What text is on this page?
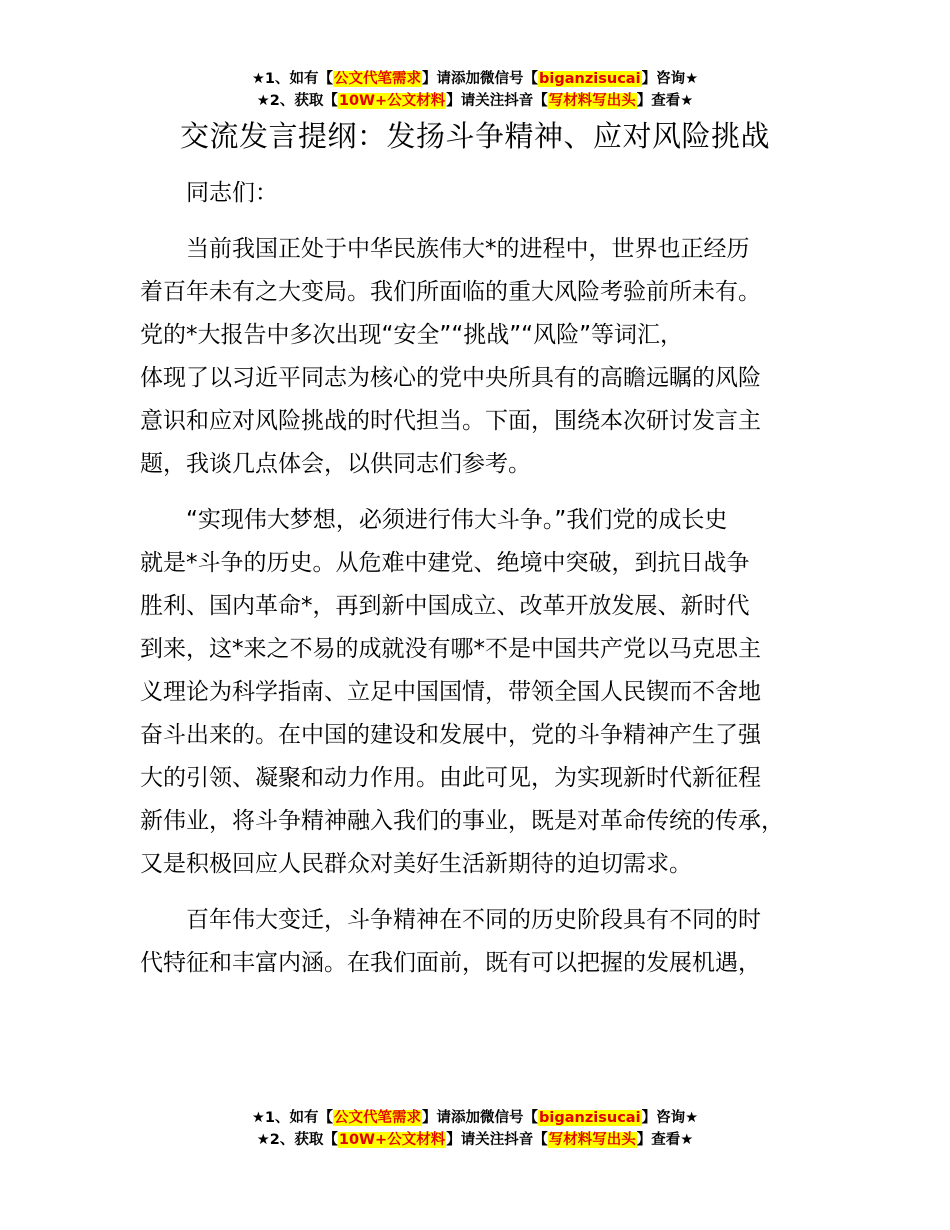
★1、如有【公文代笔需求】请添加微信号【biganzisucai】咨询★
★2、获取【10W+公文材料】请关注抖音【写材料写出头】查看★
交流发言提纲：发扬斗争精神、应对风险挑战
同志们：
当前我国正处于中华民族伟大*的进程中，世界也正经历
着百年未有之大变局。我们所面临的重大风险考验前所未有。
党的*大报告中多次出现“安全”“挑战”“风险”等词汇，
体现了以习近平同志为核心的党中央所具有的高瞻远瞩的风险
意识和应对风险挑战的时代担当。下面，围绕本次研讨发言主
题，我谈几点体会，以供同志们参考。
“实现伟大梦想，必须进行伟大斗争。”我们党的成长史
就是*斗争的历史。从危难中建党、绝境中突破，到抗日战争
胜利、国内革命*，再到新中国成立、改革开放发展、新时代
到来，这*来之不易的成就没有哪*不是中国共产党以马克思主
义理论为科学指南、立足中国国情，带领全国人民锲而不舍地
奋斗出来的。在中国的建设和发展中，党的斗争精神产生了强
大的引领、凝聚和动力作用。由此可见，为实现新时代新征程
新伟业，将斗争精神融入我们的事业，既是对革命传统的传承，
又是积极回应人民群众对美好生活新期待的迫切需求。
百年伟大变迁，斗争精神在不同的历史阶段具有不同的时
代特征和丰富内涵。在我们面前，既有可以把握的发展机遇，
★1、如有【公文代笔需求】请添加微信号【biganzisucai】咨询★
★2、获取【10W+公文材料】请关注抖音【写材料写出头】查看★
